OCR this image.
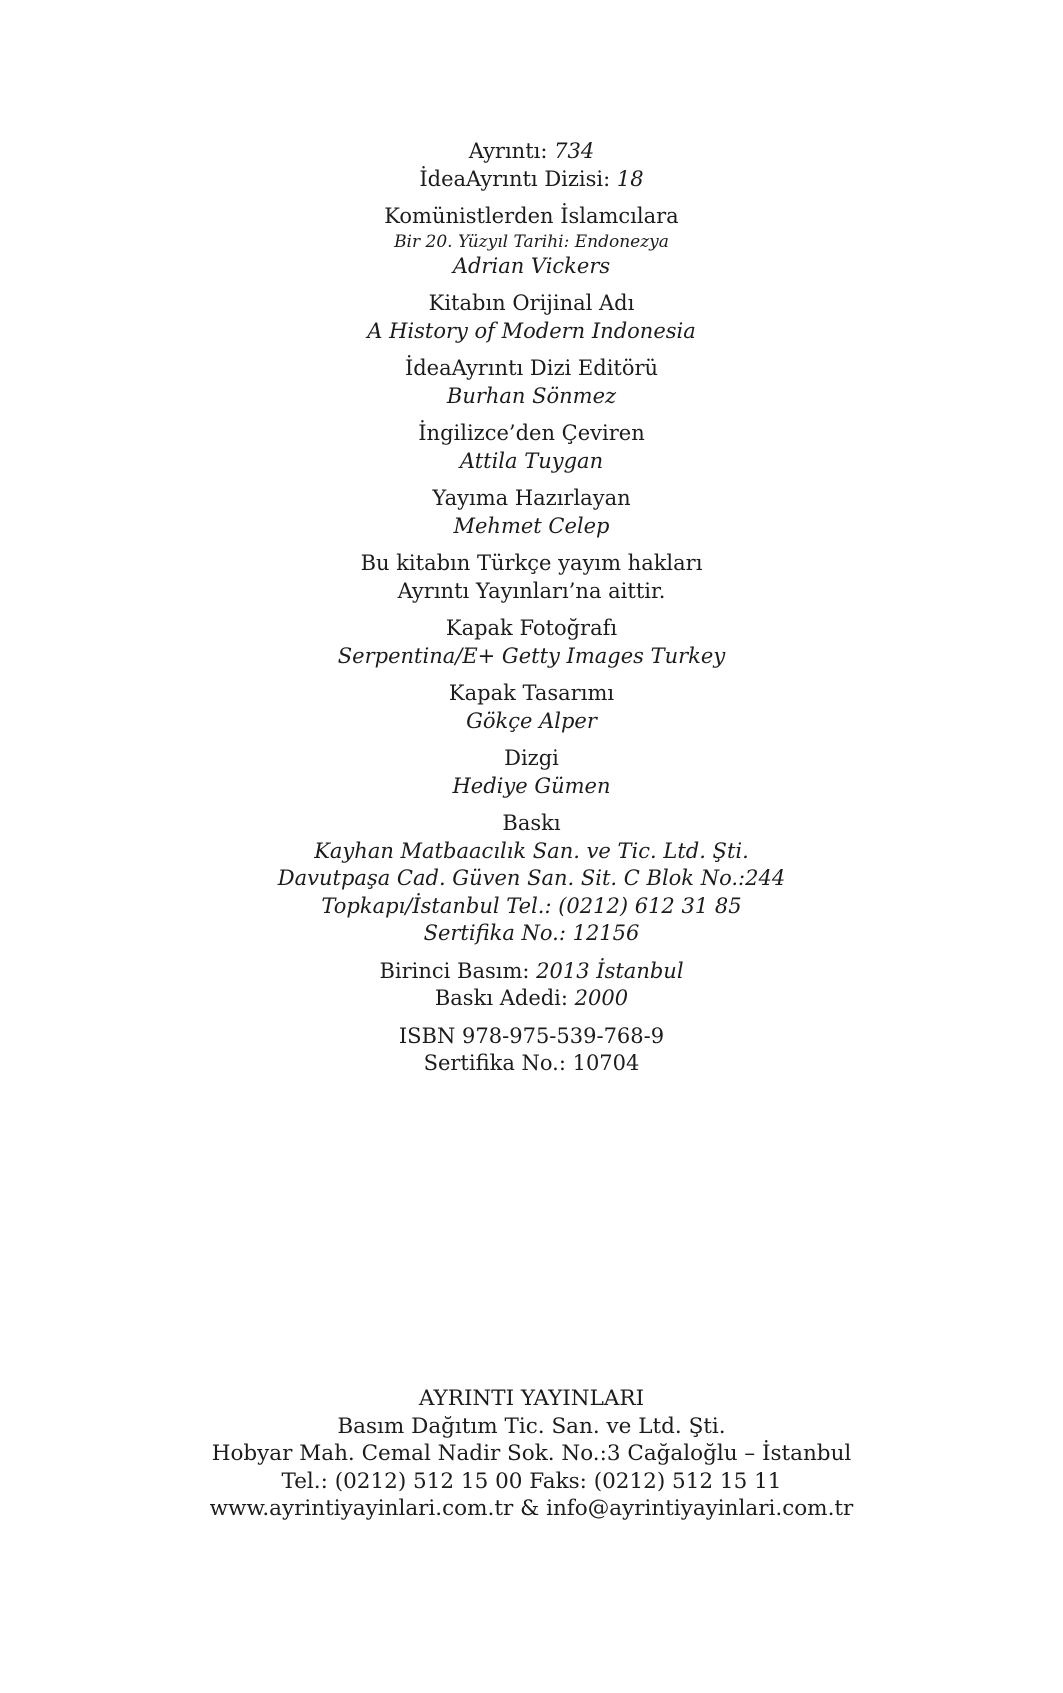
Ayrıntı: 734
İdeaAyrıntı Dizisi: 18
Komünistlerden İslamcılara
Bir 20. Yüzyıl Tarihi: Endonezya
Adrian Vickers
Kitabın Orijinal Adı
A History of Modern Indonesia
İdeaAyrıntı Dizi Editörü
Burhan Sönmez
İngilizce’den Çeviren
Attila Tuygan
Yayıma Hazırlayan
Mehmet Celep
Bu kitabın Türkçe yayım hakları
Ayrıntı Yayınları’na aittir.
Kapak Fotoğrafı
Serpentina/E+ Getty Images Turkey
Kapak Tasarımı
Gökçe Alper
Dizgi
Hediye Gümen
Baskı
Kayhan Matbaacılık San. ve Tic. Ltd. Şti.
Davutpaşa Cad. Güven San. Sit. C Blok No.:244
Topkapı/İstanbul Tel.: (0212) 612 31 85
Sertifika No.: 12156
Birinci Basım: 2013 İstanbul
Baskı Adedi: 2000
ISBN 978-975-539-768-9
Sertifika No.: 10704
AYRINTI YAYINLARI
Basım Dağıtım Tic. San. ve Ltd. Şti.
Hobyar Mah. Cemal Nadir Sok. No.:3 Cağaloğlu – İstanbul
Tel.: (0212) 512 15 00 Faks: (0212) 512 15 11
www.ayrintiyayinlari.com.tr & info@ayrintiyayinlari.com.tr
